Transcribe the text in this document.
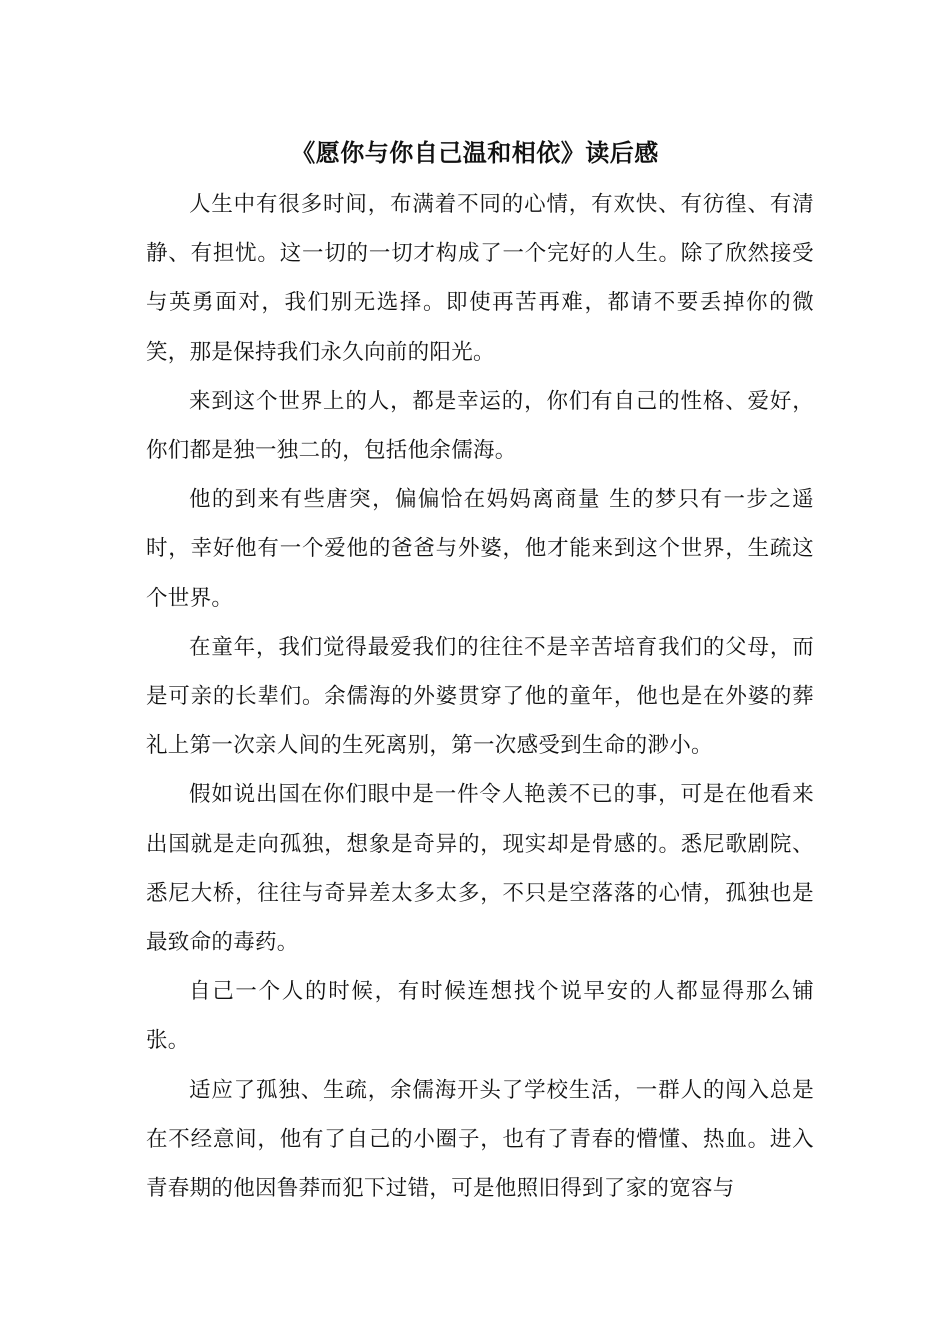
《愿你与你自己温和相依》读后感

人生中有很多时间，布满着不同的心情，有欢快、有彷徨、有清静、有担忧。这一切的一切才构成了一个完好的人生。除了欣然接受与英勇面对，我们别无选择。即使再苦再难，都请不要丢掉你的微笑，那是保持我们永久向前的阳光。

来到这个世界上的人，都是幸运的，你们有自己的性格、爱好，你们都是独一独二的，包括他余儒海。

他的到来有些唐突，偏偏恰在妈妈离商量 生的梦只有一步之遥时，幸好他有一个爱他的爸爸与外婆，他才能来到这个世界，生疏这个世界。

在童年，我们觉得最爱我们的往往不是辛苦培育我们的父母，而是可亲的长辈们。余儒海的外婆贯穿了他的童年，他也是在外婆的葬礼上第一次亲人间的生死离别，第一次感受到生命的渺小。

假如说出国在你们眼中是一件令人艳羡不已的事，可是在他看来出国就是走向孤独，想象是奇异的，现实却是骨感的。悉尼歌剧院、悉尼大桥，往往与奇异差太多太多，不只是空落落的心情，孤独也是最致命的毒药。

自己一个人的时候，有时候连想找个说早安的人都显得那么铺张。

适应了孤独、生疏，余儒海开头了学校生活，一群人的闯入总是在不经意间，他有了自己的小圈子，也有了青春的懵懂、热血。进入青春期的他因鲁莽而犯下过错，可是他照旧得到了家的宽容与
